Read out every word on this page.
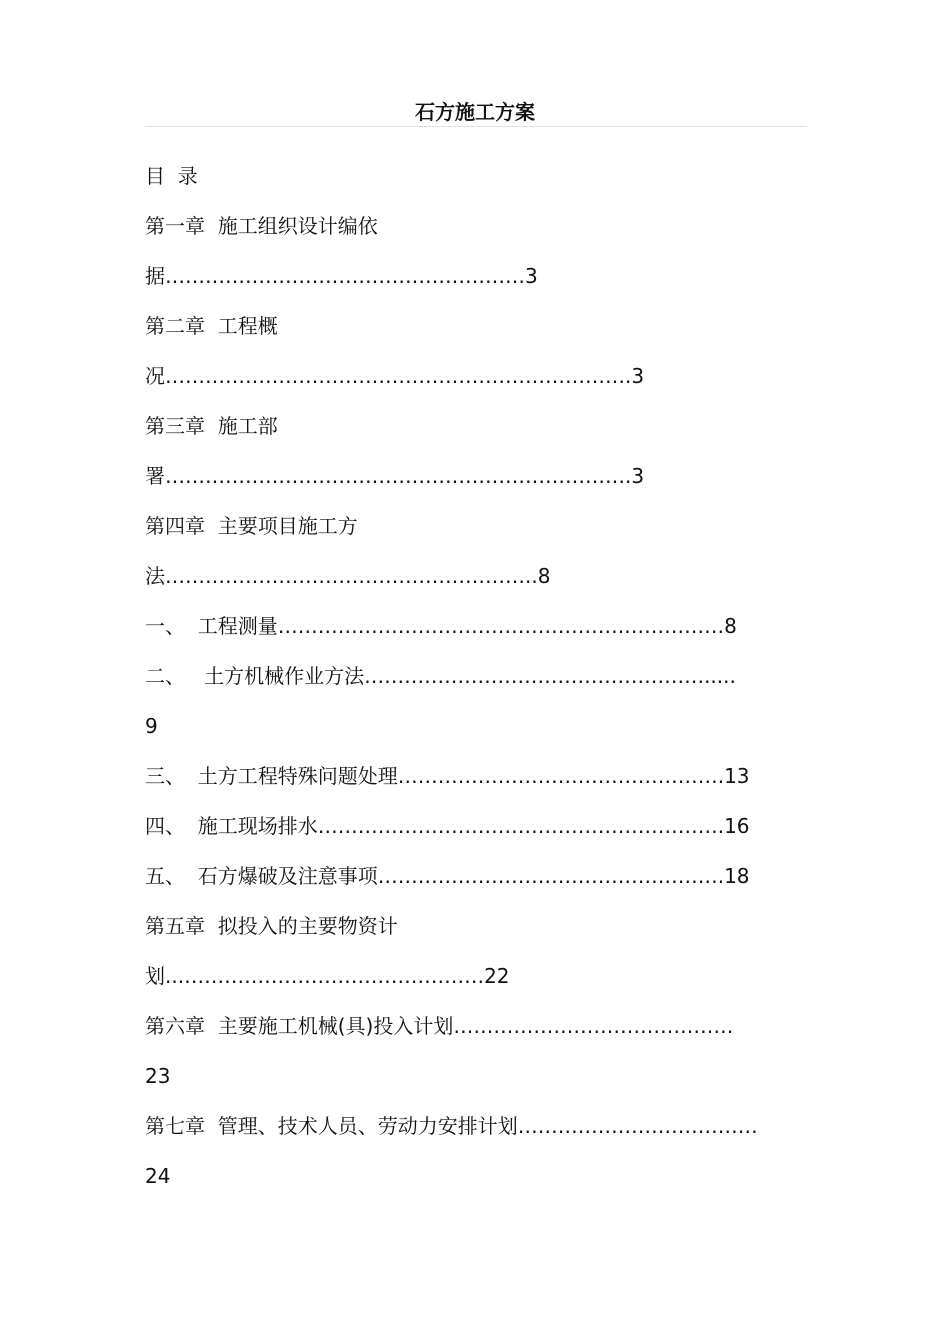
石方施工方案
目  录
第一章  施工组织设计编依
据………………………………………………3
第二章  工程概
况…………………………………………………………….3
第三章  施工部
署…………………………………………………………….3
第四章  主要项目施工方
法………………………………………………..8
一、  工程测量…………………………………………….……………8
二、   土方机械作业方法…………………………………………….....
9
三、  土方工程特殊问题处理………………………………………….13
四、  施工现场排水…………………………………………………….16
五、  石方爆破及注意事项…………………………………………….18
第五章  拟投入的主要物资计
划...………………………………………22
第六章  主要施工机械(具)投入计划……………………………………
23
第七章  管理、技术人员、劳动力安排计划………………………………
24
